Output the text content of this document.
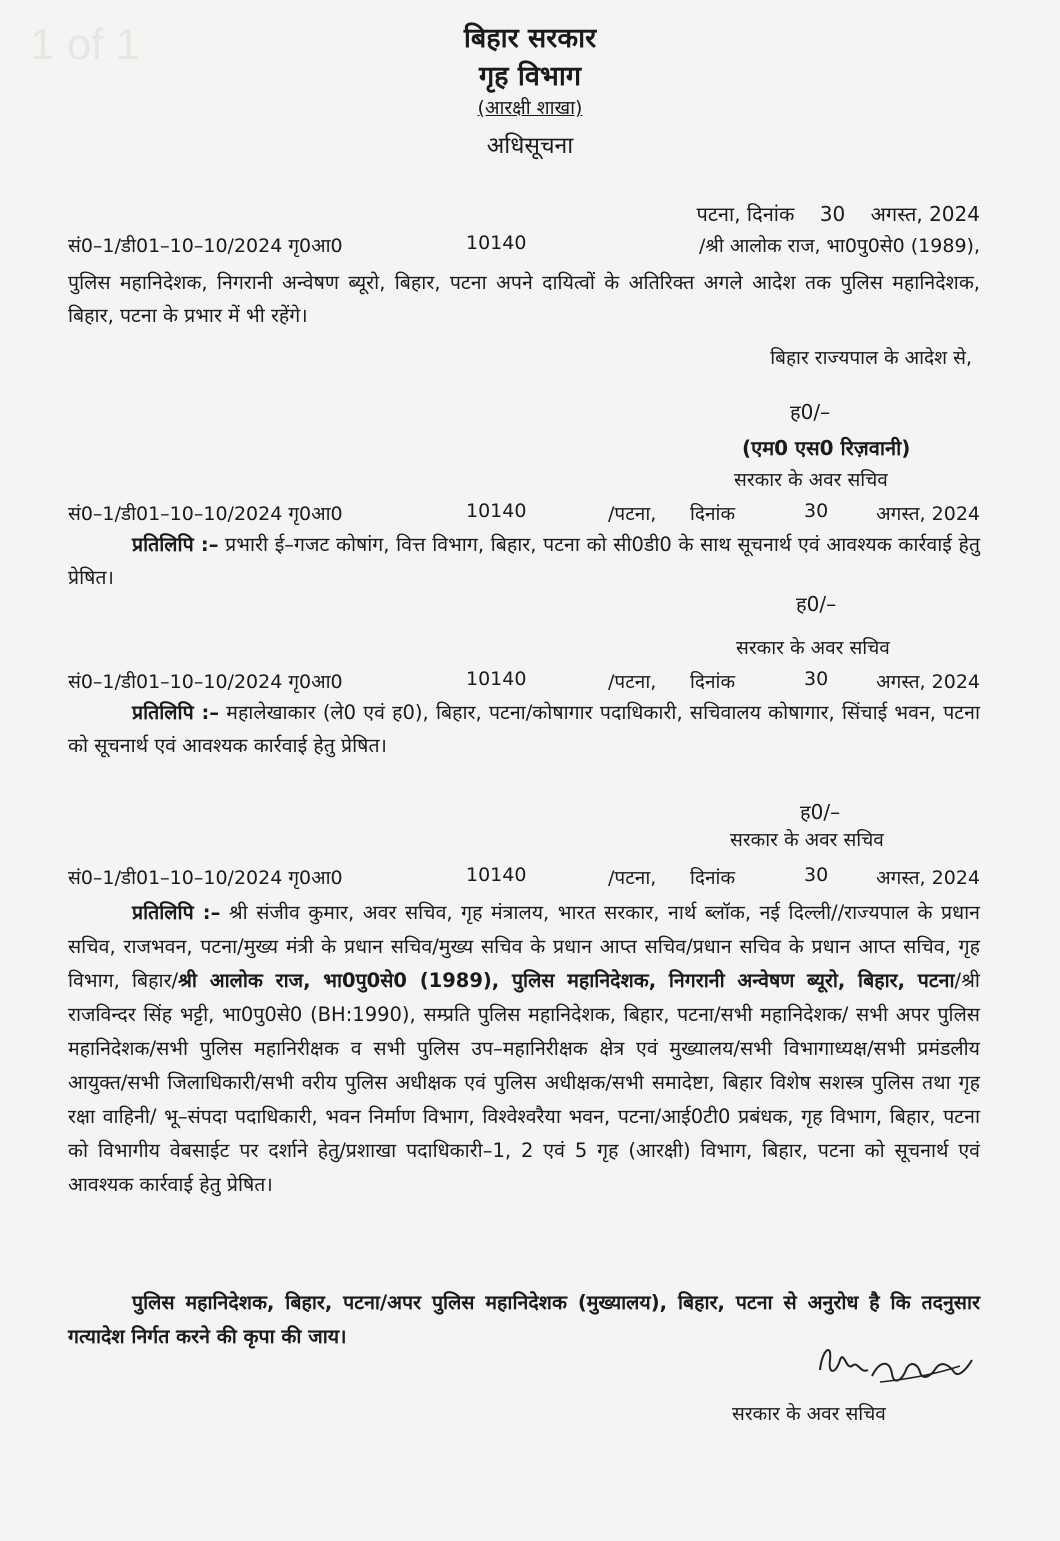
1 of 1	बिहार सरकार
गृह विभाग
(आरक्षी शाखा)
अधिसूचना
पटना, दिनांक    30    अगस्त, 2024
सं0–1/डी01–10–10/2024 गृ0आ0	10140	/श्री आलोक राज, भा0पु0से0 (1989),
पुलिस महानिदेशक, निगरानी अन्वेषण ब्यूरो, बिहार, पटना अपने दायित्वों के अतिरिक्त अगले आदेश तक पुलिस महानिदेशक, बिहार, पटना के प्रभार में भी रहेंगे।
बिहार राज्यपाल के आदेश से,
ह0/–
(एम0 एस0 रिज़वानी)
सरकार के अवर सचिव
सं0–1/डी01–10–10/2024 गृ0आ0	10140	/पटना, दिनांक	30	अगस्त, 2024
प्रतिलिपि :– प्रभारी ई–गजट कोषांग, वित्त विभाग, बिहार, पटना को सी0डी0 के साथ सूचनार्थ एवं आवश्यक कार्रवाई हेतु प्रेषित।
ह0/–
सरकार के अवर सचिव
सं0–1/डी01–10–10/2024 गृ0आ0	10140	/पटना, दिनांक	30	अगस्त, 2024
प्रतिलिपि :– महालेखाकार (ले0 एवं ह0), बिहार, पटना/कोषागार पदाधिकारी, सचिवालय कोषागार, सिंचाई भवन, पटना को सूचनार्थ एवं आवश्यक कार्रवाई हेतु प्रेषित।
ह0/–
सरकार के अवर सचिव
सं0–1/डी01–10–10/2024 गृ0आ0	10140	/पटना, दिनांक	30	अगस्त, 2024
प्रतिलिपि :– श्री संजीव कुमार, अवर सचिव, गृह मंत्रालय, भारत सरकार, नार्थ ब्लॉक, नई दिल्ली//राज्यपाल के प्रधान सचिव, राजभवन, पटना/मुख्य मंत्री के प्रधान सचिव/मुख्य सचिव के प्रधान आप्त सचिव/प्रधान सचिव के प्रधान आप्त सचिव, गृह विभाग, बिहार/श्री आलोक राज, भा0पु0से0 (1989), पुलिस महानिदेशक, निगरानी अन्वेषण ब्यूरो, बिहार, पटना/श्री राजविन्दर सिंह भट्टी, भा0पु0से0 (BH:1990), सम्प्रति पुलिस महानिदेशक, बिहार, पटना/सभी महानिदेशक/ सभी अपर पुलिस महानिदेशक/सभी पुलिस महानिरीक्षक व सभी पुलिस उप–महानिरीक्षक क्षेत्र एवं मुख्यालय/सभी विभागाध्यक्ष/सभी प्रमंडलीय आयुक्त/सभी जिलाधिकारी/सभी वरीय पुलिस अधीक्षक एवं पुलिस अधीक्षक/सभी समादेष्टा, बिहार विशेष सशस्त्र पुलिस तथा गृह रक्षा वाहिनी/ भू–संपदा पदाधिकारी, भवन निर्माण विभाग, विश्वेश्वरैया भवन, पटना/आई0टी0 प्रबंधक, गृह विभाग, बिहार, पटना को विभागीय वेबसाईट पर दर्शाने हेतु/प्रशाखा पदाधिकारी–1, 2 एवं 5 गृह (आरक्षी) विभाग, बिहार, पटना को सूचनार्थ एवं आवश्यक कार्रवाई हेतु प्रेषित।
पुलिस महानिदेशक, बिहार, पटना/अपर पुलिस महानिदेशक (मुख्यालय), बिहार, पटना से अनुरोध है कि तदनुसार गत्यादेश निर्गत करने की कृपा की जाय।
सरकार के अवर सचिव
